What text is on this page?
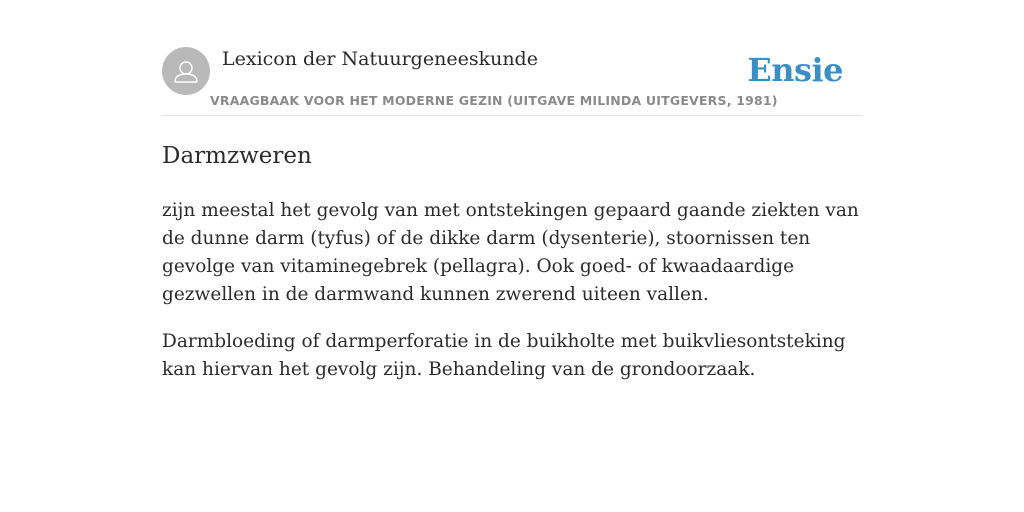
Lexicon der Natuurgeneeskunde
VRAAGBAAK VOOR HET MODERNE GEZIN (UITGAVE MILINDA UITGEVERS, 1981)
Ensie
Darmzweren

zijn meestal het gevolg van met ontstekingen gepaard gaande ziekten van de dunne darm (tyfus) of de dikke darm (dysenterie), stoornissen ten gevolge van vitaminegebrek (pellagra). Ook goed- of kwaadaardige gezwellen in de darmwand kunnen zwerend uiteen vallen.

Darmbloeding of darmperforatie in de buikholte met buikvliesontsteking kan hiervan het gevolg zijn. Behandeling van de grondoorzaak.
